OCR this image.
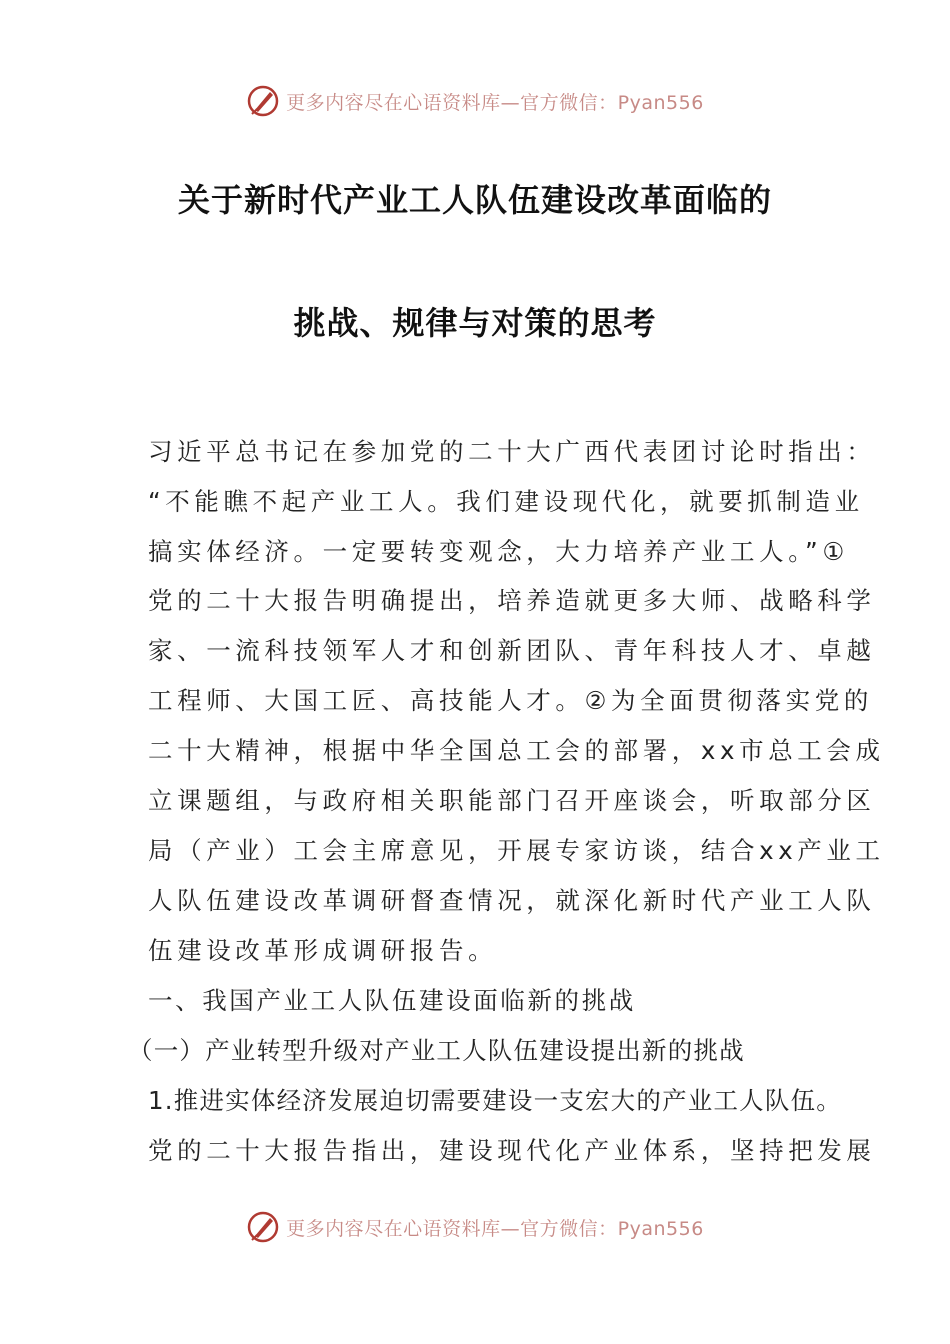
更多内容尽在心语资料库—官方微信：Pyan556
关于新时代产业工人队伍建设改革面临的
挑战、规律与对策的思考
习近平总书记在参加党的二十大广西代表团讨论时指出：
“不能瞧不起产业工人。我们建设现代化，就要抓制造业
搞实体经济。一定要转变观念，大力培养产业工人。”①
党的二十大报告明确提出，培养造就更多大师、战略科学
家、一流科技领军人才和创新团队、青年科技人才、卓越
工程师、大国工匠、高技能人才。②为全面贯彻落实党的
二十大精神，根据中华全国总工会的部署，xx市总工会成
立课题组，与政府相关职能部门召开座谈会，听取部分区
局（产业）工会主席意见，开展专家访谈，结合xx产业工
人队伍建设改革调研督查情况，就深化新时代产业工人队
伍建设改革形成调研报告。
一、我国产业工人队伍建设面临新的挑战
（一）产业转型升级对产业工人队伍建设提出新的挑战
1.推进实体经济发展迫切需要建设一支宏大的产业工人队伍。
党的二十大报告指出，建设现代化产业体系，坚持把发展
更多内容尽在心语资料库—官方微信：Pyan556
